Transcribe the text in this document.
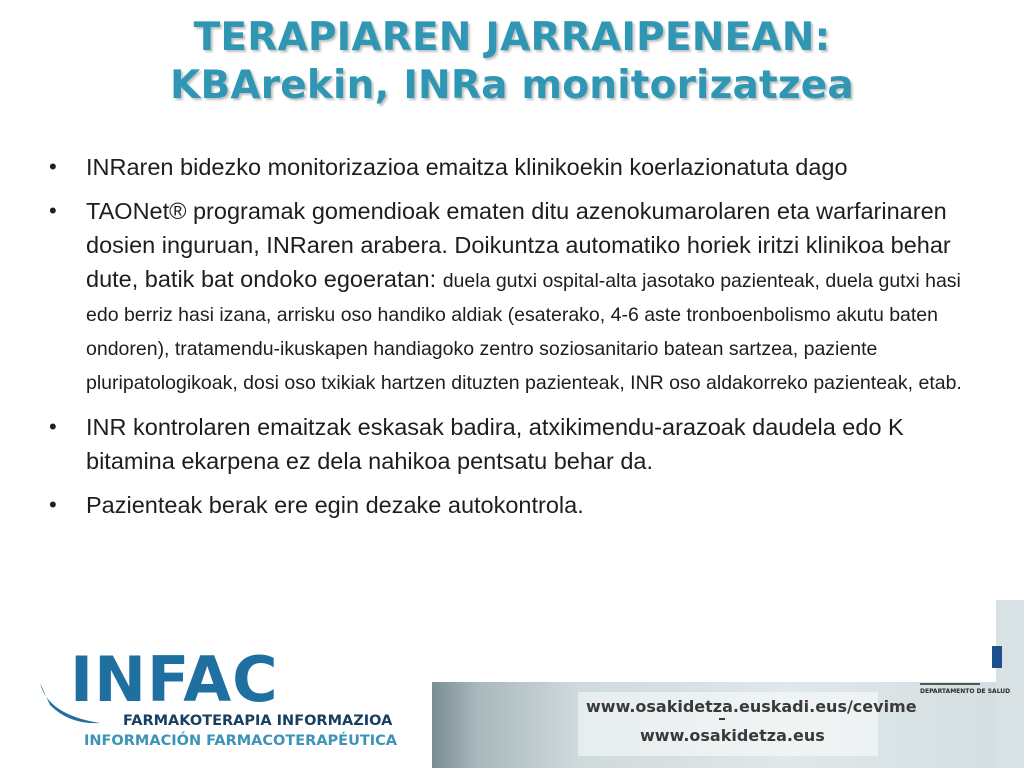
TERAPIAREN JARRAIPENEAN:
KBArekin, INRa monitorizatzea
• INRaren bidezko monitorizazioa emaitza klinikoekin koerlazionatuta dago
• TAONet® programak gomendioak ematen ditu azenokumarolaren eta warfarinaren dosien inguruan, INRaren arabera. Doikuntza automatiko horiek iritzi klinikoa behar dute, batik bat ondoko egoeratan: duela gutxi ospital-alta jasotako pazienteak, duela gutxi hasi edo berriz hasi izana, arrisku oso handiko aldiak (esaterako, 4-6 aste tronboenbolismo akutu baten ondoren), tratamendu-ikuskapen handiagoko zentro soziosanitario batean sartzea, paziente pluripatologikoak, dosi oso txikiak hartzen dituzten pazienteak, INR oso aldakorreko pazienteak, etab.
• INR kontrolaren emaitzak eskasak badira, atxikimendu-arazoak daudela edo K bitamina ekarpena ez dela nahikoa pentsatu behar da.
• Pazienteak berak ere egin dezake autokontrola.
INFAC
FARMAKOTERAPIA INFORMAZIOA
INFORMACIÓN FARMACOTERAPÉUTICA
www.osakidetza.euskadi.eus/cevime
www.osakidetza.eus
DEPARTAMENTO DE SALUD
